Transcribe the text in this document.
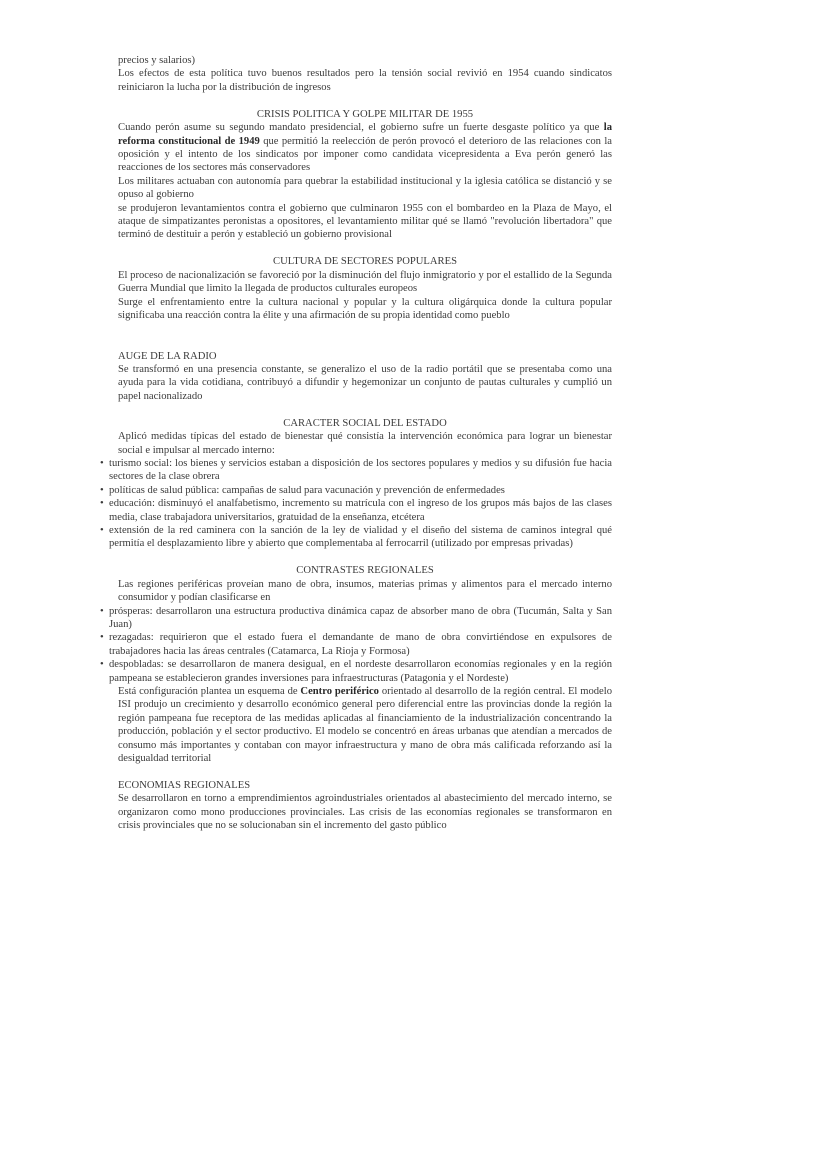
precios y salarios)

Los efectos de esta política tuvo buenos resultados pero la tensión social revivió en 1954 cuando sindicatos reiniciaron la lucha por la distribución de ingresos

CRISIS POLITICA Y GOLPE MILITAR DE 1955

Cuando perón asume su segundo mandato presidencial, el gobierno sufre un fuerte desgaste político ya que la reforma constitucional de 1949 que permitió la reelección de perón provocó el deterioro de las relaciones con la oposición y el intento de los sindicatos por imponer como candidata vicepresidenta a Eva perón generó las reacciones de los sectores más conservadores

Los militares actuaban con autonomía para quebrar la estabilidad institucional y la iglesia católica se distanció y se opuso al gobierno

se produjeron levantamientos contra el gobierno que culminaron 1955 con el bombardeo en la Plaza de Mayo, el ataque de simpatizantes peronistas a opositores, el levantamiento militar qué se llamó "revolución libertadora" que terminó de destituir a perón y estableció un gobierno provisional

CULTURA DE SECTORES POPULARES

El proceso de nacionalización se favoreció por la disminución del flujo inmigratorio y por el estallido de la Segunda Guerra Mundial que limito la llegada de productos culturales europeos

Surge el enfrentamiento entre la cultura nacional y popular y la cultura oligárquica donde la cultura popular significaba una reacción contra la élite y una afirmación de su propia identidad como pueblo

AUGE DE LA RADIO

Se transformó en una presencia constante, se generalizo el uso de la radio portátil que se presentaba como una ayuda para la vida cotidiana, contribuyó a difundir y hegemonizar un conjunto de pautas culturales y cumplió un papel nacionalizado

CARACTER SOCIAL DEL ESTADO

Aplicó medidas típicas del estado de bienestar qué consistía la intervención económica para lograr un bienestar social e impulsar al mercado interno:

• turismo social: los bienes y servicios estaban a disposición de los sectores populares y medios y su difusión fue hacia sectores de la clase obrera
• políticas de salud pública: campañas de salud para vacunación y prevención de enfermedades
• educación: disminuyó el analfabetismo, incremento su matrícula con el ingreso de los grupos más bajos de las clases media, clase trabajadora universitarios, gratuidad de la enseñanza, etcétera
• extensión de la red caminera con la sanción de la ley de vialidad y el diseño del sistema de caminos integral qué permitía el desplazamiento libre y abierto que complementaba al ferrocarril (utilizado por empresas privadas)
CONTRASTES REGIONALES

Las regiones periféricas proveían mano de obra, insumos, materias primas y alimentos para el mercado interno consumidor y podían clasificarse en

• prósperas: desarrollaron una estructura productiva dinámica capaz de absorber mano de obra (Tucumán, Salta y San Juan)
• rezagadas: requirieron que el estado fuera el demandante de mano de obra convirtiéndose en expulsores de trabajadores hacia las áreas centrales (Catamarca, La Rioja y Formosa)
• despobladas: se desarrollaron de manera desigual, en el nordeste desarrollaron economías regionales y en la región pampeana se establecieron grandes inversiones para infraestructuras (Patagonia y el Nordeste)

Está configuración plantea un esquema de Centro periférico orientado al desarrollo de la región central. El modelo ISI produjo un crecimiento y desarrollo económico general pero diferencial entre las provincias donde la región la región pampeana fue receptora de las medidas aplicadas al financiamiento de la industrialización concentrando la producción, población y el sector productivo. El modelo se concentró en áreas urbanas que atendían a mercados de consumo más importantes y contaban con mayor infraestructura y mano de obra más calificada reforzando así la desigualdad territorial

ECONOMIAS REGIONALES

Se desarrollaron en torno a emprendimientos agroindustriales orientados al abastecimiento del mercado interno, se organizaron como mono producciones provinciales. Las crisis de las economías regionales se transformaron en crisis provinciales que no se solucionaban sin el incremento del gasto público
